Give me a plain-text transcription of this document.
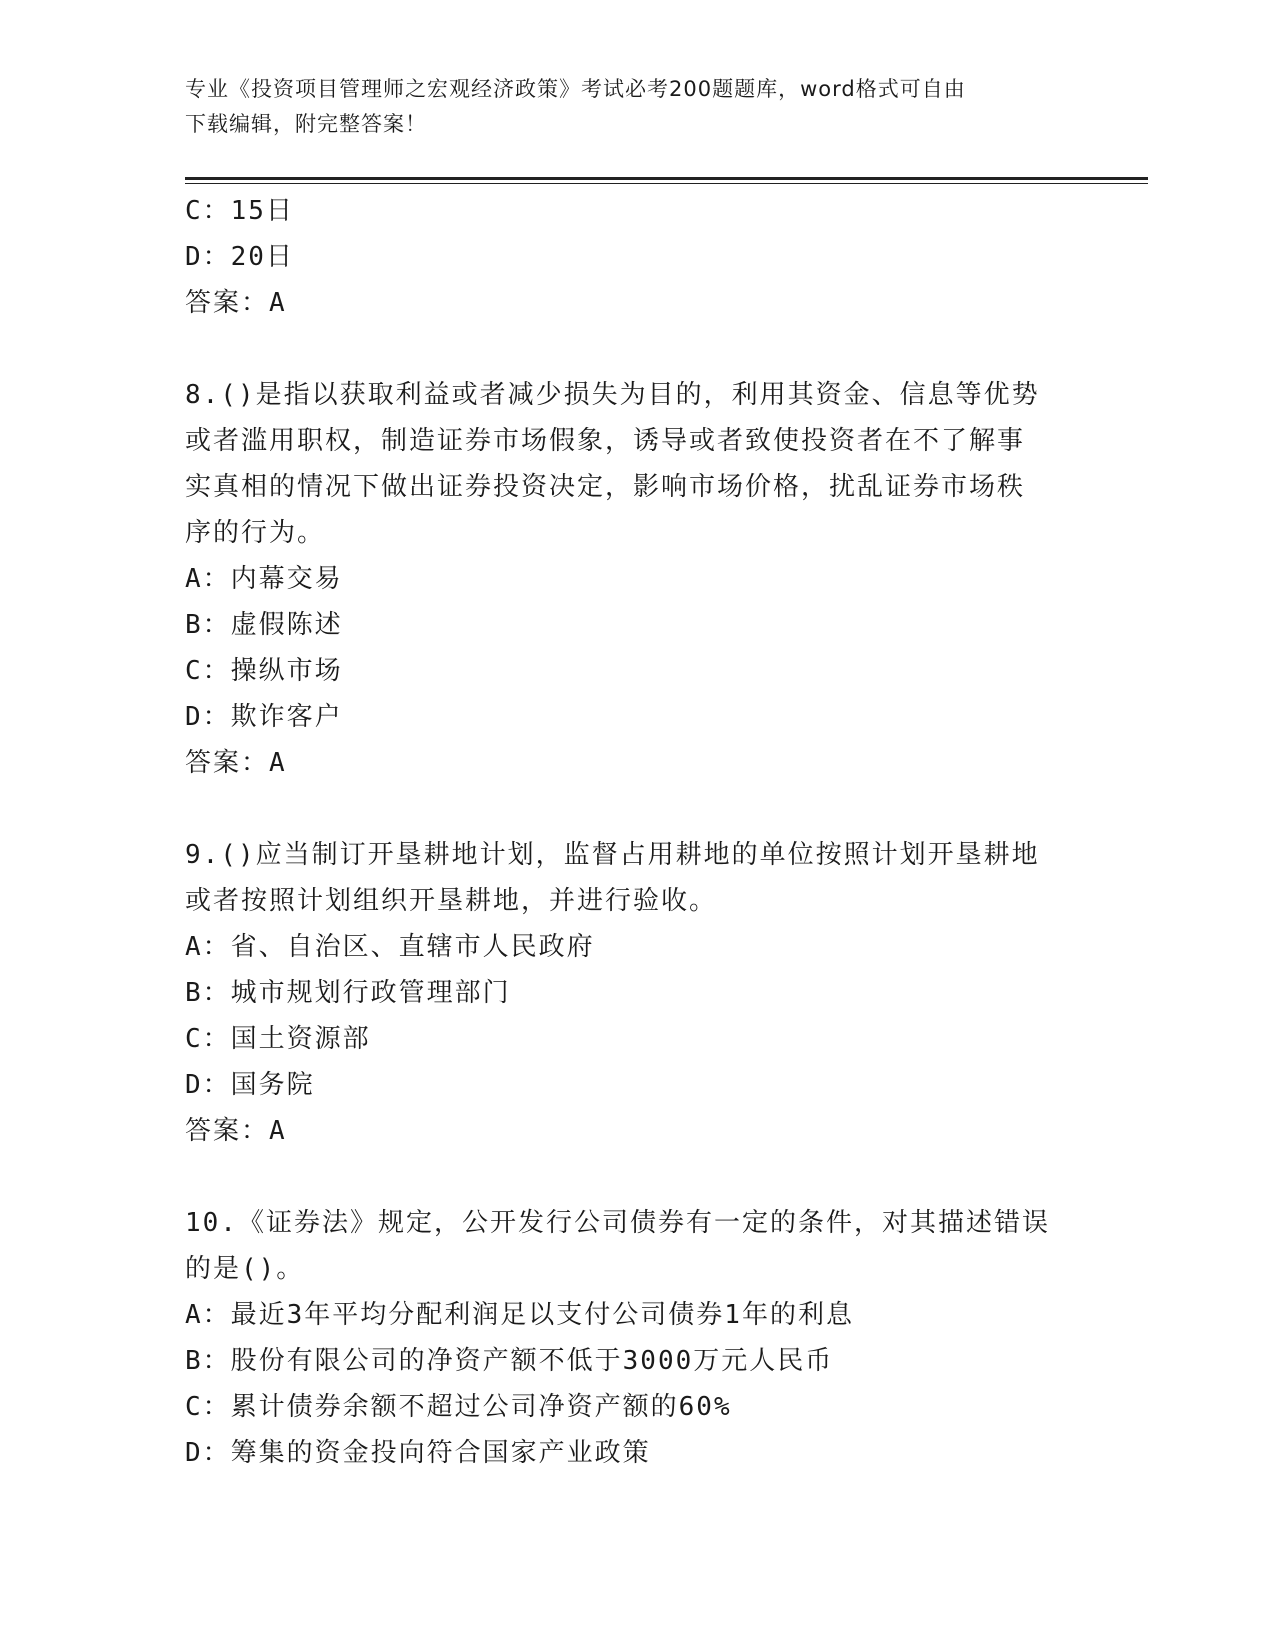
专业《投资项目管理师之宏观经济政策》考试必考200题题库，word格式可自由
下载编辑，附完整答案！
C：15日
D：20日
答案：A
8.()是指以获取利益或者减少损失为目的，利用其资金、信息等优势
或者滥用职权，制造证券市场假象，诱导或者致使投资者在不了解事
实真相的情况下做出证券投资决定，影响市场价格，扰乱证券市场秩
序的行为。
A：内幕交易
B：虚假陈述
C：操纵市场
D：欺诈客户
答案：A
9.()应当制订开垦耕地计划，监督占用耕地的单位按照计划开垦耕地
或者按照计划组织开垦耕地，并进行验收。
A：省、自治区、直辖市人民政府
B：城市规划行政管理部门
C：国土资源部
D：国务院
答案：A
10.《证券法》规定，公开发行公司债券有一定的条件，对其描述错误
的是()。
A：最近3年平均分配利润足以支付公司债券1年的利息
B：股份有限公司的净资产额不低于3000万元人民币
C：累计债券余额不超过公司净资产额的60%
D：筹集的资金投向符合国家产业政策
